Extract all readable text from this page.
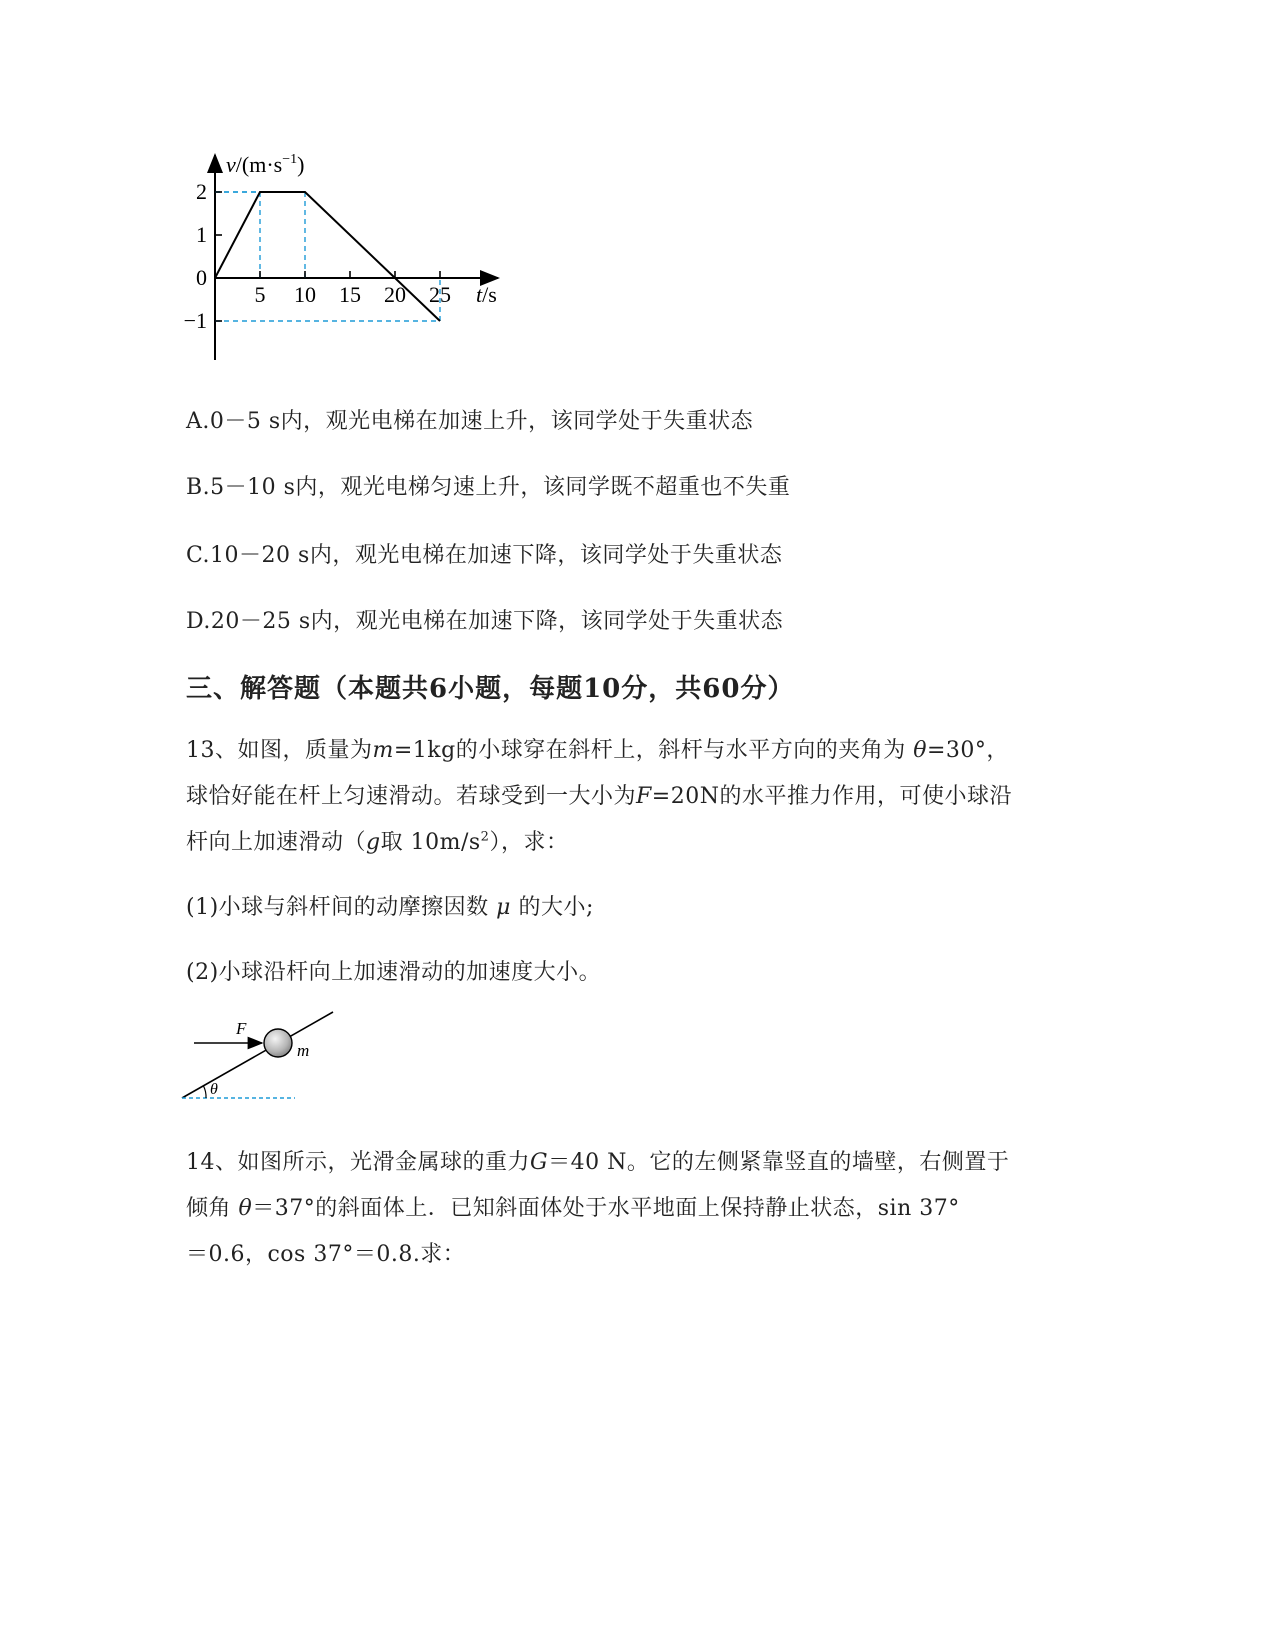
5 10 15 20 25
2
1
0
−1
$v/(m\cdot s^{-1})$
t/s
A.0－5 s内，观光电梯在加速上升，该同学处于失重状态
B.5－10 s内，观光电梯匀速上升，该同学既不超重也不失重
C.10－20 s内，观光电梯在加速下降，该同学处于失重状态
D.20－25 s内，观光电梯在加速下降，该同学处于失重状态
三、解答题（本题共6小题，每题10分，共60分）
13、如图，质量为m=1kg的小球穿在斜杆上，斜杆与水平方向的夹角为 θ=30°，
球恰好能在杆上匀速滑动。若球受到一大小为F=20N的水平推力作用，可使小球沿
杆向上加速滑动（g取 $10m/s^2$），求：
(1)小球与斜杆间的动摩擦因数 μ 的大小;
(2)小球沿杆向上加速滑动的加速度大小。
F
m
θ
14、如图所示，光滑金属球的重力G＝40 N。它的左侧紧靠竖直的墙壁，右侧置于
倾角 θ＝37°的斜面体上．已知斜面体处于水平地面上保持静止状态，sin 37°
＝0.6，cos 37°＝0.8.求：
